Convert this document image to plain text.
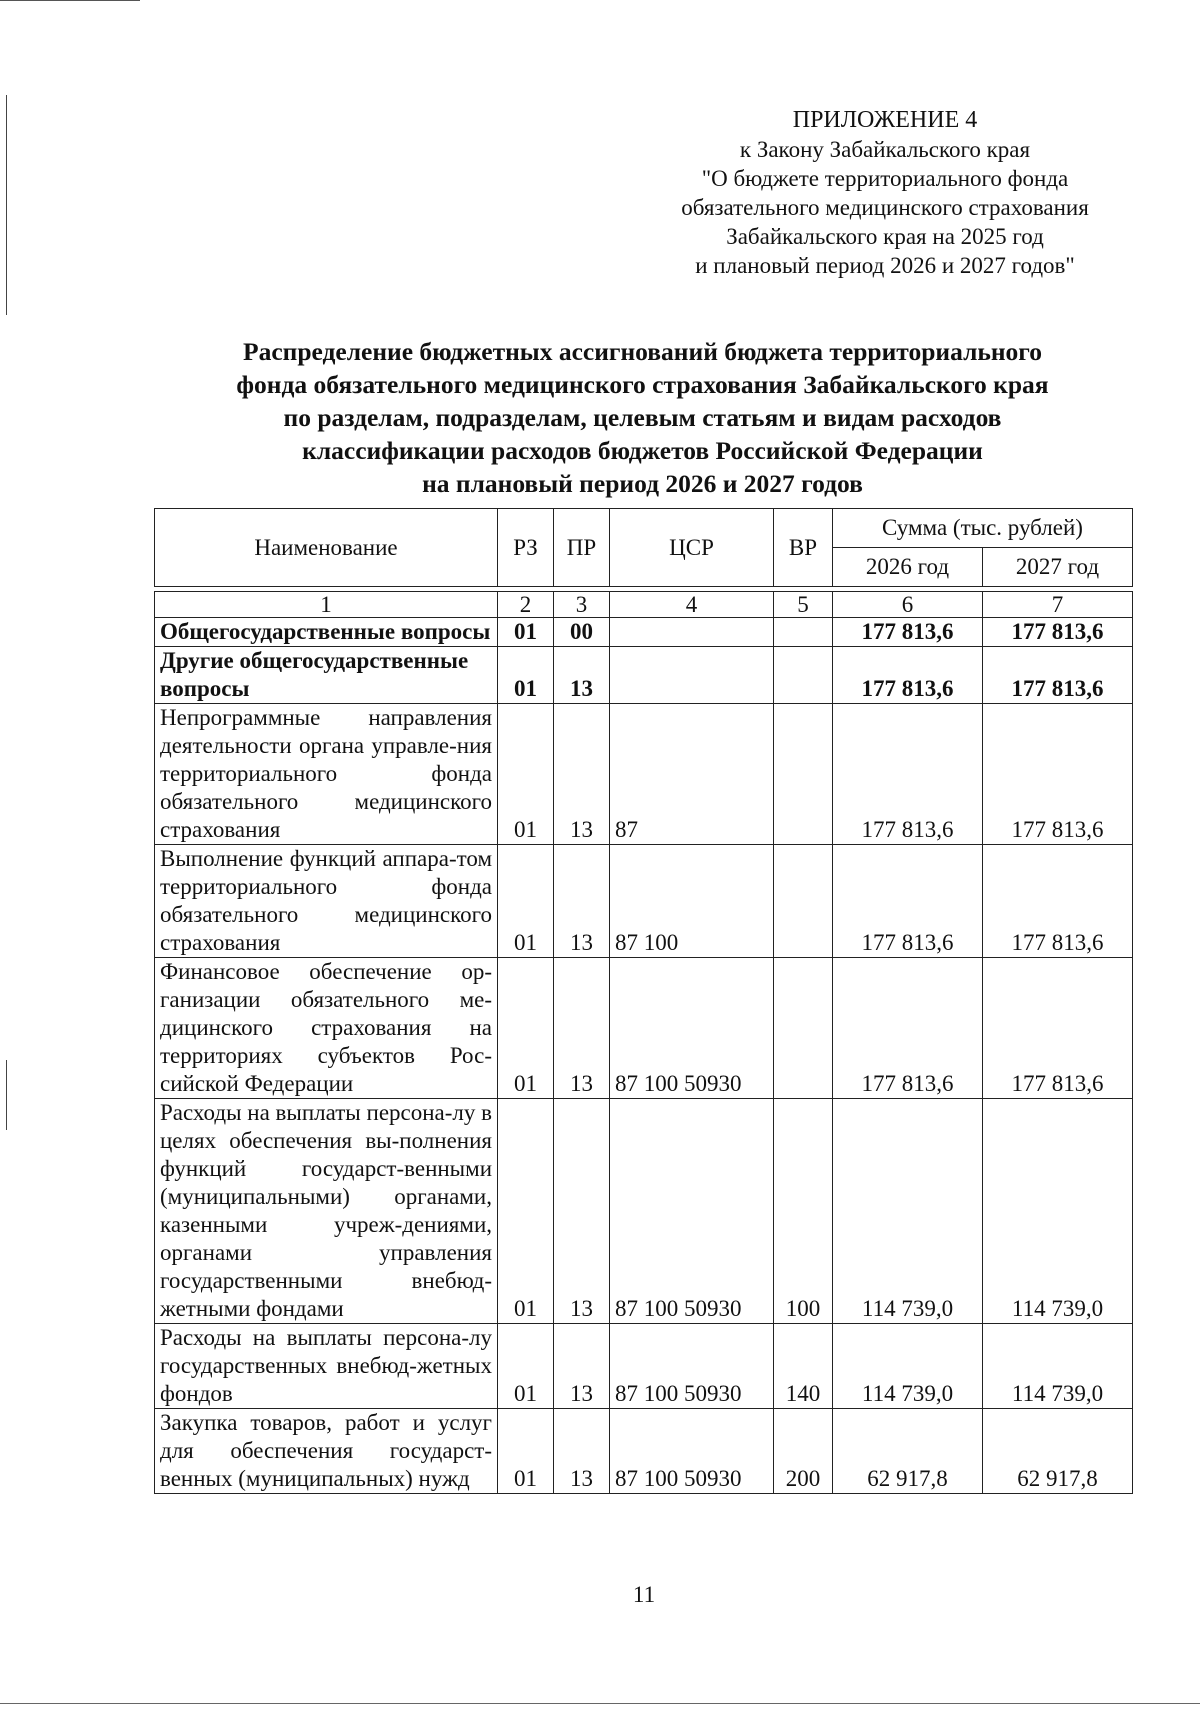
ПРИЛОЖЕНИЕ 4
к Закону Забайкальского края
"О бюджете территориального фонда
обязательного медицинского страхования
Забайкальского края на 2025 год
и плановый период 2026 и 2027 годов"
Распределение бюджетных ассигнований бюджета территориального
фонда обязательного медицинского страхования Забайкальского края
по разделам, подразделам, целевым статьям и видам расходов
классификации расходов бюджетов Российской Федерации
на плановый период 2026 и 2027 годов
Наименование	РЗ	ПР	ЦСР	ВР	Сумма (тыс. рублей)	
					2026 год	2027 год

1	2	3	4	5	6	7
Общегосударственные вопросы	01	00			177 813,6	177 813,6
Другие общегосударственные вопросы	01	13			177 813,6	177 813,6
Непрограммные направления деятельности органа управле-ния территориального фонда обязательного медицинского страхования	01	13	87		177 813,6	177 813,6
Выполнение функций аппара-том территориального фонда обязательного медицинского страхования	01	13	87 100		177 813,6	177 813,6
Финансовое обеспечение ор-ганизации обязательного ме-дицинского страхования на территориях субъектов Рос-сийской Федерации	01	13	87 100 50930		177 813,6	177 813,6
Расходы на выплаты персона-лу в целях обеспечения вы-полнения функций государст-венными (муниципальными) органами, казенными учреж-дениями, органами управления государственными внебюд-жетными фондами	01	13	87 100 50930	100	114 739,0	114 739,0
Расходы на выплаты персона-лу государственных внебюд-жетных фондов	01	13	87 100 50930	140	114 739,0	114 739,0
Закупка товаров, работ и услуг для обеспечения государст-венных (муниципальных) нужд	01	13	87 100 50930	200	62 917,8	62 917,8
11
